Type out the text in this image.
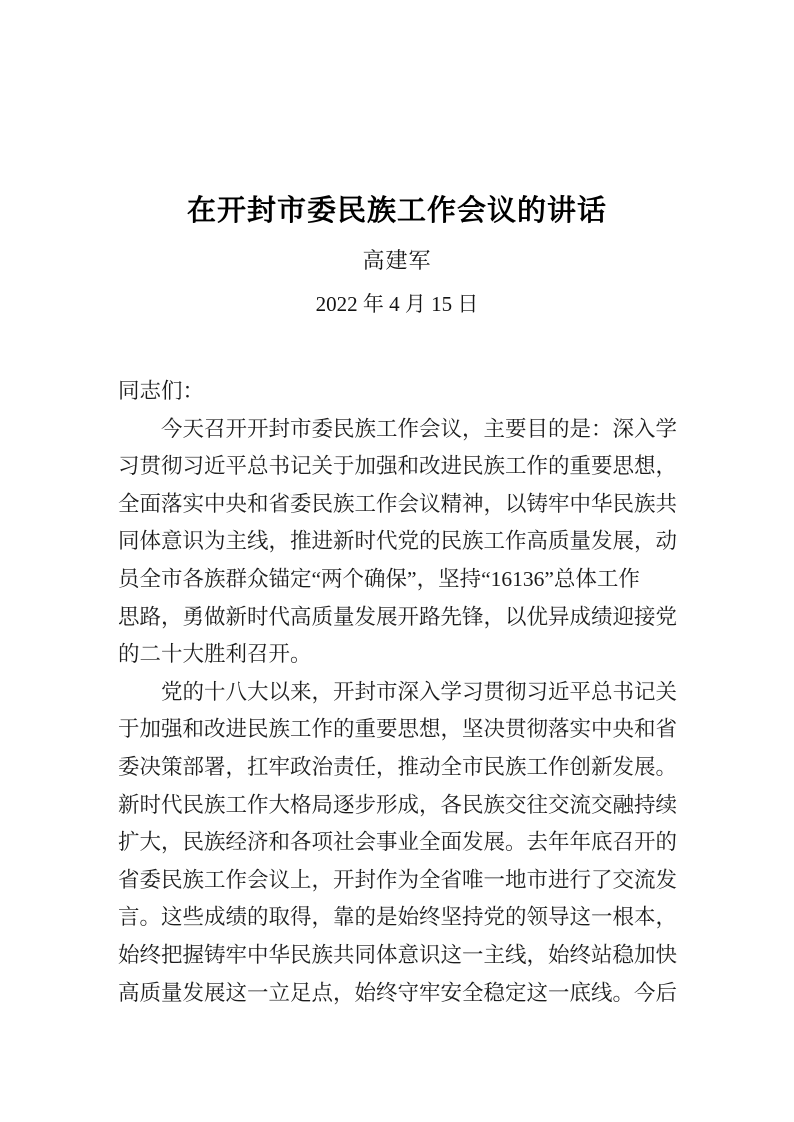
在开封市委民族工作会议的讲话
高建军
2022 年 4 月 15 日
同志们：
今天召开开封市委民族工作会议，主要目的是：深入学
习贯彻习近平总书记关于加强和改进民族工作的重要思想，
全面落实中央和省委民族工作会议精神，以铸牢中华民族共
同体意识为主线，推进新时代党的民族工作高质量发展，动
员全市各族群众锚定“两个确保”，坚持“16136”总体工作
思路，勇做新时代高质量发展开路先锋，以优异成绩迎接党
的二十大胜利召开。
党的十八大以来，开封市深入学习贯彻习近平总书记关
于加强和改进民族工作的重要思想，坚决贯彻落实中央和省
委决策部署，扛牢政治责任，推动全市民族工作创新发展。
新时代民族工作大格局逐步形成，各民族交往交流交融持续
扩大，民族经济和各项社会事业全面发展。去年年底召开的
省委民族工作会议上，开封作为全省唯一地市进行了交流发
言。这些成绩的取得，靠的是始终坚持党的领导这一根本，
始终把握铸牢中华民族共同体意识这一主线，始终站稳加快
高质量发展这一立足点，始终守牢安全稳定这一底线。今后
